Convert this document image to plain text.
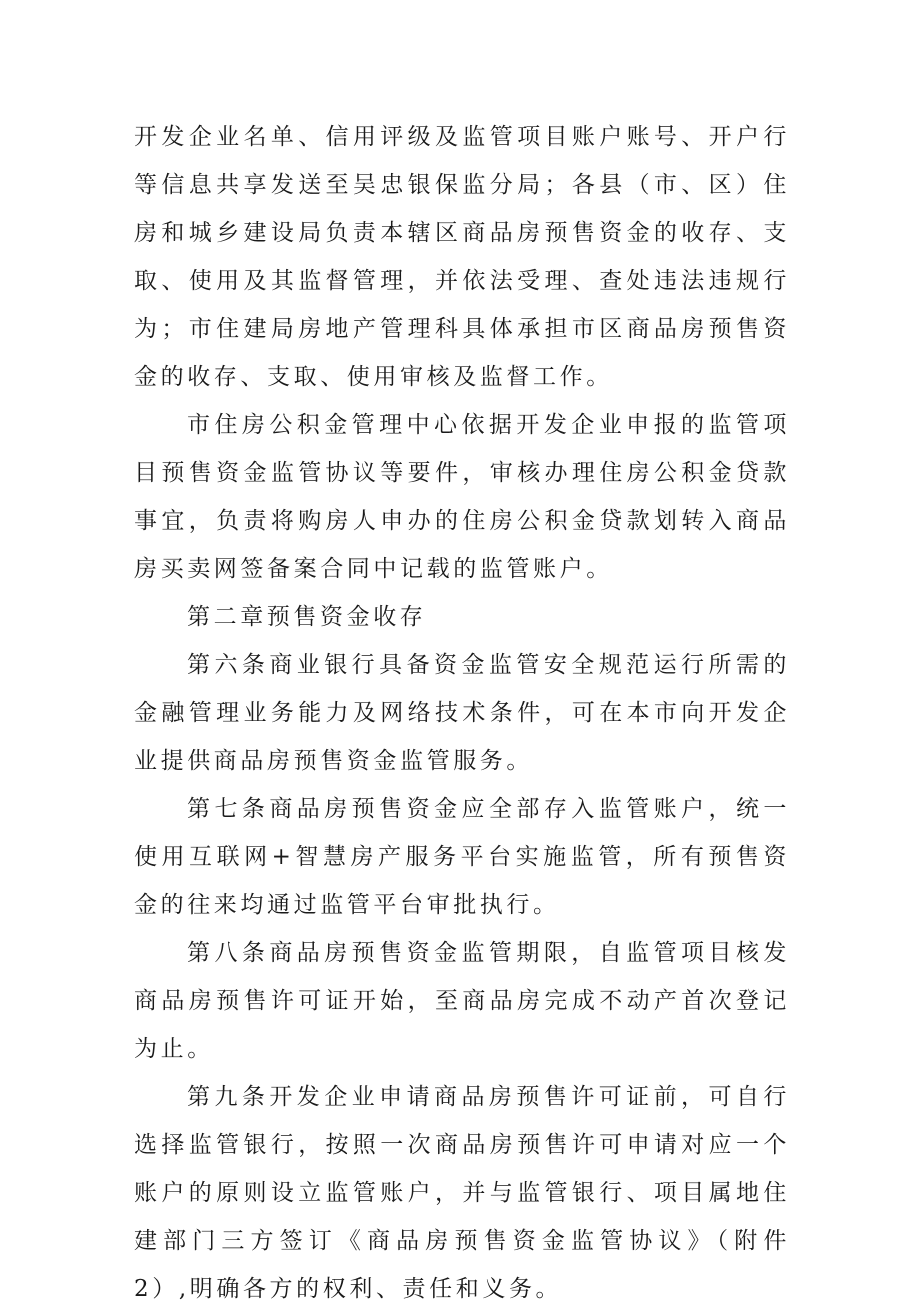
开发企业名单、信用评级及监管项目账户账号、开户行等信息共享发送至吴忠银保监分局；各县（市、区）住房和城乡建设局负责本辖区商品房预售资金的收存、支取、使用及其监督管理，并依法受理、查处违法违规行为；市住建局房地产管理科具体承担市区商品房预售资金的收存、支取、使用审核及监督工作。

市住房公积金管理中心依据开发企业申报的监管项目预售资金监管协议等要件，审核办理住房公积金贷款事宜，负责将购房人申办的住房公积金贷款划转入商品房买卖网签备案合同中记载的监管账户。

第二章预售资金收存

第六条商业银行具备资金监管安全规范运行所需的金融管理业务能力及网络技术条件，可在本市向开发企业提供商品房预售资金监管服务。

第七条商品房预售资金应全部存入监管账户，统一使用互联网+智慧房产服务平台实施监管，所有预售资金的往来均通过监管平台审批执行。

第八条商品房预售资金监管期限，自监管项目核发商品房预售许可证开始，至商品房完成不动产首次登记为止。

第九条开发企业申请商品房预售许可证前，可自行选择监管银行，按照一次商品房预售许可申请对应一个账户的原则设立监管账户，并与监管银行、项目属地住建部门三方签订《商品房预售资金监管协议》（附件2）,明确各方的权利、责任和义务。
